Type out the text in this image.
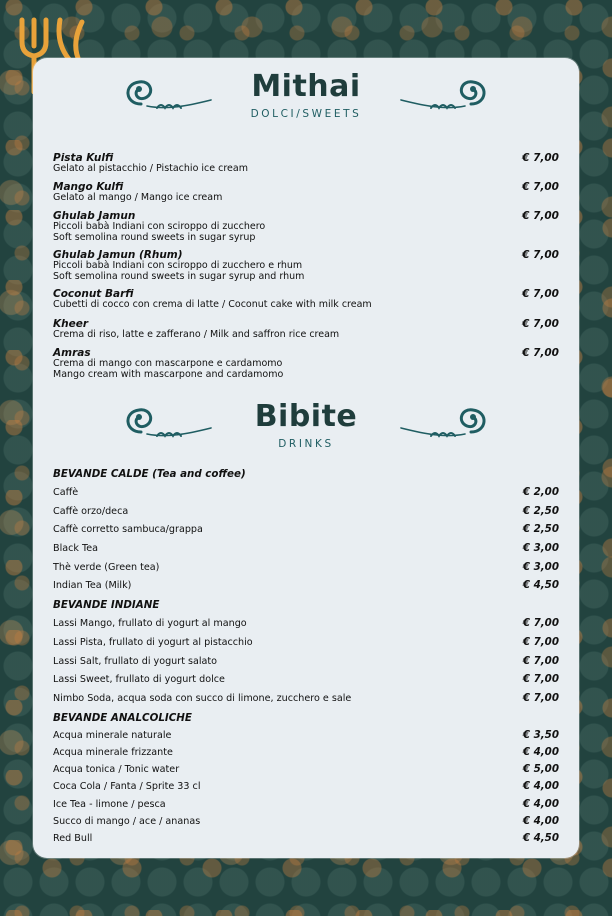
Mithai
DOLCI/SWEETS
Pista Kulfi
Gelato al pistacchio / Pistachio ice cream
€ 7,00
Mango Kulfi
Gelato al mango / Mango ice cream
€ 7,00
Ghulab Jamun
Piccoli babà Indiani con sciroppo di zucchero
Soft semolina round sweets in sugar syrup
€ 7,00
Ghulab Jamun (Rhum)
Piccoli babà Indiani con sciroppo di zucchero e rhum
Soft semolina round sweets in sugar syrup and rhum
€ 7,00
Coconut Barfi
Cubetti di cocco con crema di latte / Coconut cake with milk cream
€ 7,00
Kheer
Crema di riso, latte e zafferano / Milk and saffron rice cream
€ 7,00
Amras
Crema di mango con mascarpone e cardamomo
Mango cream with mascarpone and cardamomo
€ 7,00
Bibite
DRINKS
BEVANDE CALDE (Tea and coffee)
Caffè	€ 2,00
Caffè orzo/deca	€ 2,50
Caffè corretto sambuca/grappa	€ 2,50
Black Tea	€ 3,00
Thè verde (Green tea)	€ 3,00
Indian Tea (Milk)	€ 4,50
BEVANDE INDIANE
Lassi Mango, frullato di yogurt al mango	€ 7,00
Lassi Pista, frullato di yogurt al pistacchio	€ 7,00
Lassi Salt, frullato di yogurt salato	€ 7,00
Lassi Sweet, frullato di yogurt dolce	€ 7,00
Nimbo Soda, acqua soda con succo di limone, zucchero e sale	€ 7,00
BEVANDE ANALCOLICHE
Acqua minerale naturale	€ 3,50
Acqua minerale frizzante	€ 4,00
Acqua tonica / Tonic water	€ 5,00
Coca Cola / Fanta / Sprite 33 cl	€ 4,00
Ice Tea - limone / pesca	€ 4,00
Succo di mango / ace / ananas	€ 4,00
Red Bull	€ 4,50
